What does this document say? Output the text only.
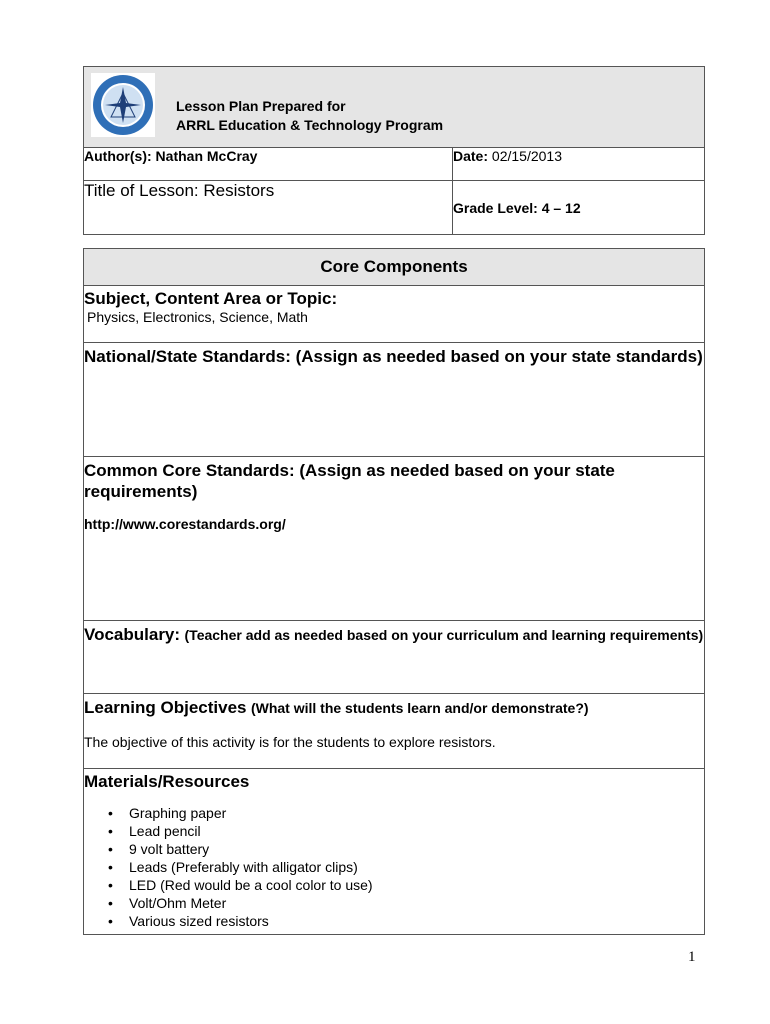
Lesson Plan Prepared for
ARRL Education & Technology Program	

Author(s): Nathan McCray	Date: 02/15/2013
Title of Lesson: Resistors	Grade Level: 4 – 12
Core Components

Subject, Content Area or Topic:
Physics, Electronics, Science, Math

National/State Standards: (Assign as needed based on your state standards)

Common Core Standards: (Assign as needed based on your state requirements)
http://www.corestandards.org/

Vocabulary: (Teacher add as needed based on your curriculum and learning requirements)

Learning Objectives (What will the students learn and/or demonstrate?)
The objective of this activity is for the students to explore resistors.

Materials/Resources
• Graphing paper
• Lead pencil
• 9 volt battery
• Leads (Preferably with alligator clips)
• LED (Red would be a cool color to use)
• Volt/Ohm Meter
• Various sized resistors
1
